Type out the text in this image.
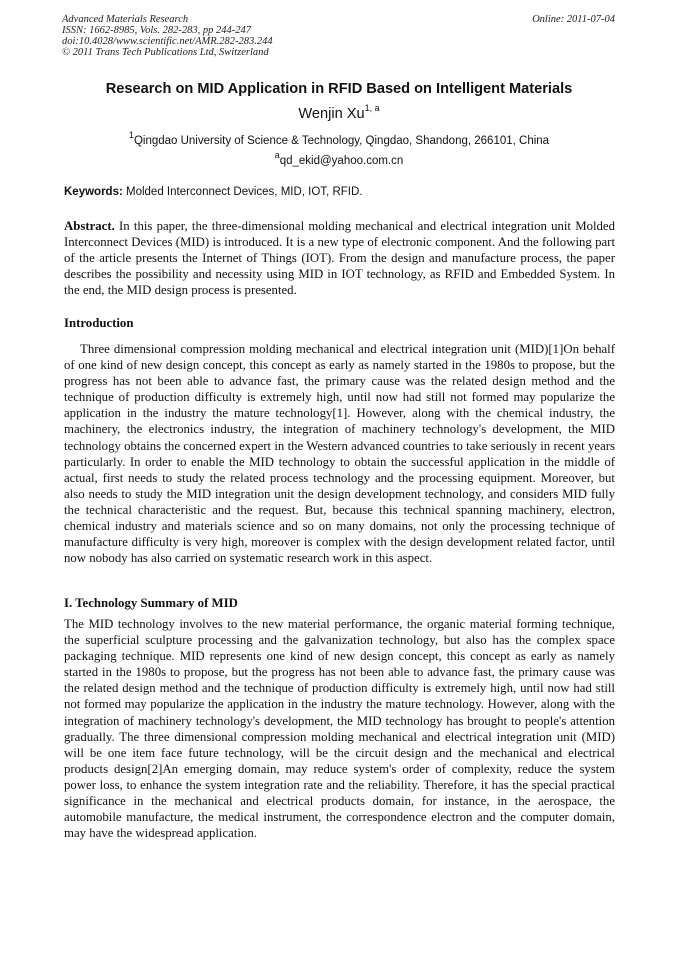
Advanced Materials Research
ISSN: 1662-8985, Vols. 282-283, pp 244-247
doi:10.4028/www.scientific.net/AMR.282-283.244
© 2011 Trans Tech Publications Ltd, Switzerland
Online: 2011-07-04
Research on MID Application in RFID Based on Intelligent Materials
Wenjin Xu$^{1, a}$
$^1$Qingdao University of Science & Technology, Qingdao, Shandong, 266101, China
$^a$qd_ekid@yahoo.com.cn
Keywords: Molded Interconnect Devices, MID, IOT, RFID.
Abstract. In this paper, the three-dimensional molding mechanical and electrical integration unit Molded Interconnect Devices (MID) is introduced. It is a new type of electronic component. And the following part of the article presents the Internet of Things (IOT). From the design and manufacture process, the paper describes the possibility and necessity using MID in IOT technology, as RFID and Embedded System. In the end, the MID design process is presented.
Introduction
Three dimensional compression molding mechanical and electrical integration unit (MID)[1]On behalf of one kind of new design concept, this concept as early as namely started in the 1980s to propose, but the progress has not been able to advance fast, the primary cause was the related design method and the technique of production difficulty is extremely high, until now had still not formed may popularize the application in the industry the mature technology[1]. However, along with the chemical industry, the machinery, the electronics industry, the integration of machinery technology's development, the MID technology obtains the concerned expert in the Western advanced countries to take seriously in recent years particularly. In order to enable the MID technology to obtain the successful application in the middle of actual, first needs to study the related process technology and the processing equipment. Moreover, but also needs to study the MID integration unit the design development technology, and considers MID fully the technical characteristic and the request. But, because this technical spanning machinery, electron, chemical industry and materials science and so on many domains, not only the processing technique of manufacture difficulty is very high, moreover is complex with the design development related factor, until now nobody has also carried on systematic research work in this aspect.
I. Technology Summary of MID
The MID technology involves to the new material performance, the organic material forming technique, the superficial sculpture processing and the galvanization technology, but also has the complex space packaging technique. MID represents one kind of new design concept, this concept as early as namely started in the 1980s to propose, but the progress has not been able to advance fast, the primary cause was the related design method and the technique of production difficulty is extremely high, until now had still not formed may popularize the application in the industry the mature technology. However, along with the integration of machinery technology's development, the MID technology has brought to people's attention gradually. The three dimensional compression molding mechanical and electrical integration unit (MID) will be one item face future technology, will be the circuit design and the mechanical and electrical products design[2]An emerging domain, may reduce system's order of complexity, reduce the system power loss, to enhance the system integration rate and the reliability. Therefore, it has the special practical significance in the mechanical and electrical products domain, for instance, in the aerospace, the automobile manufacture, the medical instrument, the correspondence electron and the computer domain, may have the widespread application.
